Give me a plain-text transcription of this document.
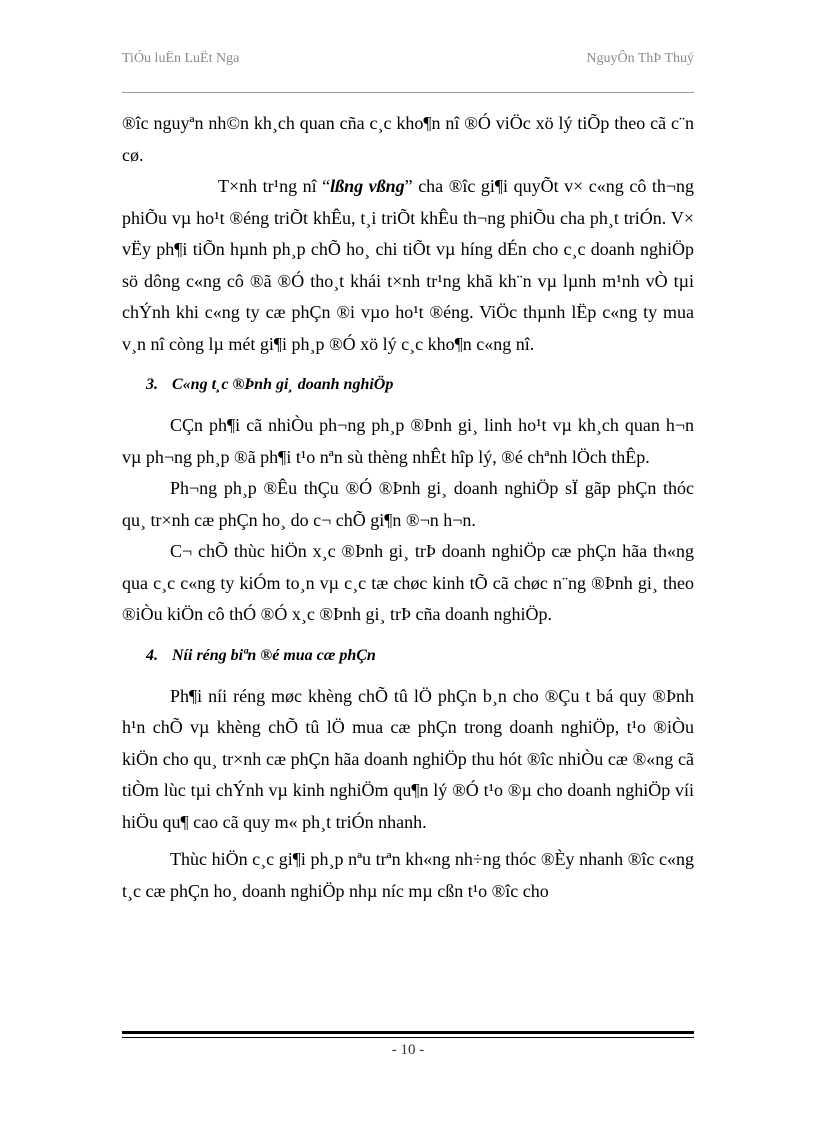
TiÓu luËn LuËt Nga	NguyÔn ThÞ Thuý

®îc nguyªn nh©n kh¸ch quan cña c¸c kho¶n nî ®Ó viÖc xö lý tiÕp theo cã c¨n cø.

T×nh tr¹ng nî “lßng vßng” cha ®îc gi¶i quyÕt v× c«ng cô th¬ng phiÕu vµ ho¹t ®éng triÕt khÊu, t¸i triÕt khÊu th¬ng phiÕu cha ph¸t triÓn. V× vËy ph¶i tiÕn hµnh ph¸p chÕ ho¸ chi tiÕt vµ híng dÉn cho c¸c doanh nghiÖp sö dông c«ng cô ®ã ®Ó tho¸t khái t×nh tr¹ng khã kh¨n vµ lµnh m¹nh vÒ tµi chÝnh khi c«ng ty cæ phÇn ®i vµo ho¹t ®éng. ViÖc thµnh lËp c«ng ty mua v¸n nî còng lµ mét gi¶i ph¸p ®Ó xö lý c¸c kho¶n c«ng nî.

3. C«ng t¸c ®Þnh gi¸ doanh nghiÖp

CÇn ph¶i cã nhiÒu ph¬ng ph¸p ®Þnh gi¸ linh ho¹t vµ kh¸ch quan h¬n vµ ph¬ng ph¸p ®ã ph¶i t¹o nªn sù thèng nhÊt hîp lý, ®é chªnh lÖch thÊp.

Ph¬ng ph¸p ®Êu thÇu ®Ó ®Þnh gi¸ doanh nghiÖp sÏ gãp phÇn thóc qu¸ tr×nh cæ phÇn ho¸ do c¬ chÕ gi¶n ®¬n h¬n.

C¬ chÕ thùc hiÖn x¸c ®Þnh gi¸ trÞ doanh nghiÖp cæ phÇn hãa th«ng qua c¸c c«ng ty kiÓm to¸n vµ c¸c tæ chøc kinh tÕ cã chøc n¨ng ®Þnh gi¸ theo ®iÒu kiÖn cô thÓ ®Ó x¸c ®Þnh gi¸ trÞ cña doanh nghiÖp.

4. Níi réng biªn ®é mua cæ phÇn

Ph¶i níi réng møc khèng chÕ tû lÖ phÇn b¸n cho ®Çu t bá quy ®Þnh h¹n chÕ vµ khèng chÕ tû lÖ mua cæ phÇn trong doanh nghiÖp, t¹o ®iÒu kiÖn cho qu¸ tr×nh cæ phÇn hãa doanh nghiÖp thu hót ®îc nhiÒu cæ ®«ng cã tiÒm lùc tµi chÝnh vµ kinh nghiÖm qu¶n lý ®Ó t¹o ®µ cho doanh nghiÖp víi hiÖu qu¶ cao cã quy m« ph¸t triÓn nhanh.

Thùc hiÖn c¸c gi¶i ph¸p nªu trªn kh«ng nh÷ng thóc ®Èy nhanh ®îc c«ng t¸c cæ phÇn ho¸ doanh nghiÖp nhµ níc mµ cßn t¹o ®îc cho

- 10 -
